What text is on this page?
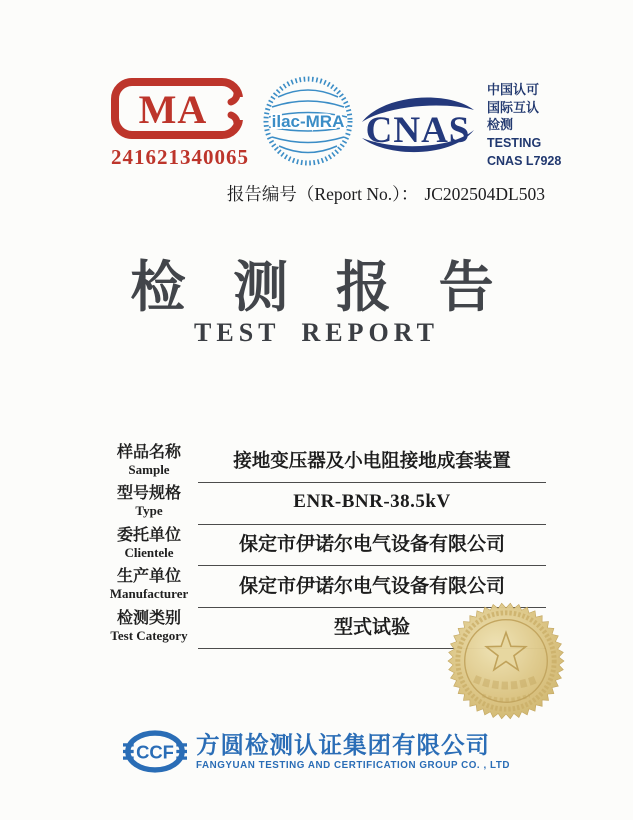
MA
241621340065
ilac-MRA CNAS
中国认可
国际互认
检测
TESTING
CNAS L7928
报告编号（Report No.）： JC202504DL503
检 测 报 告
TEST REPORT
样品名称
Sample	接地变压器及小电阻接地成套装置
型号规格
Type	ENR-BNR-38.5kV
委托单位
Clientele	保定市伊诺尔电气设备有限公司
生产单位
Manufacturer	保定市伊诺尔电气设备有限公司
检测类别
Test Category	型式试验
CCF 方圆检测认证集团有限公司
FANGYUAN TESTING AND CERTIFICATION GROUP CO. , LTD
